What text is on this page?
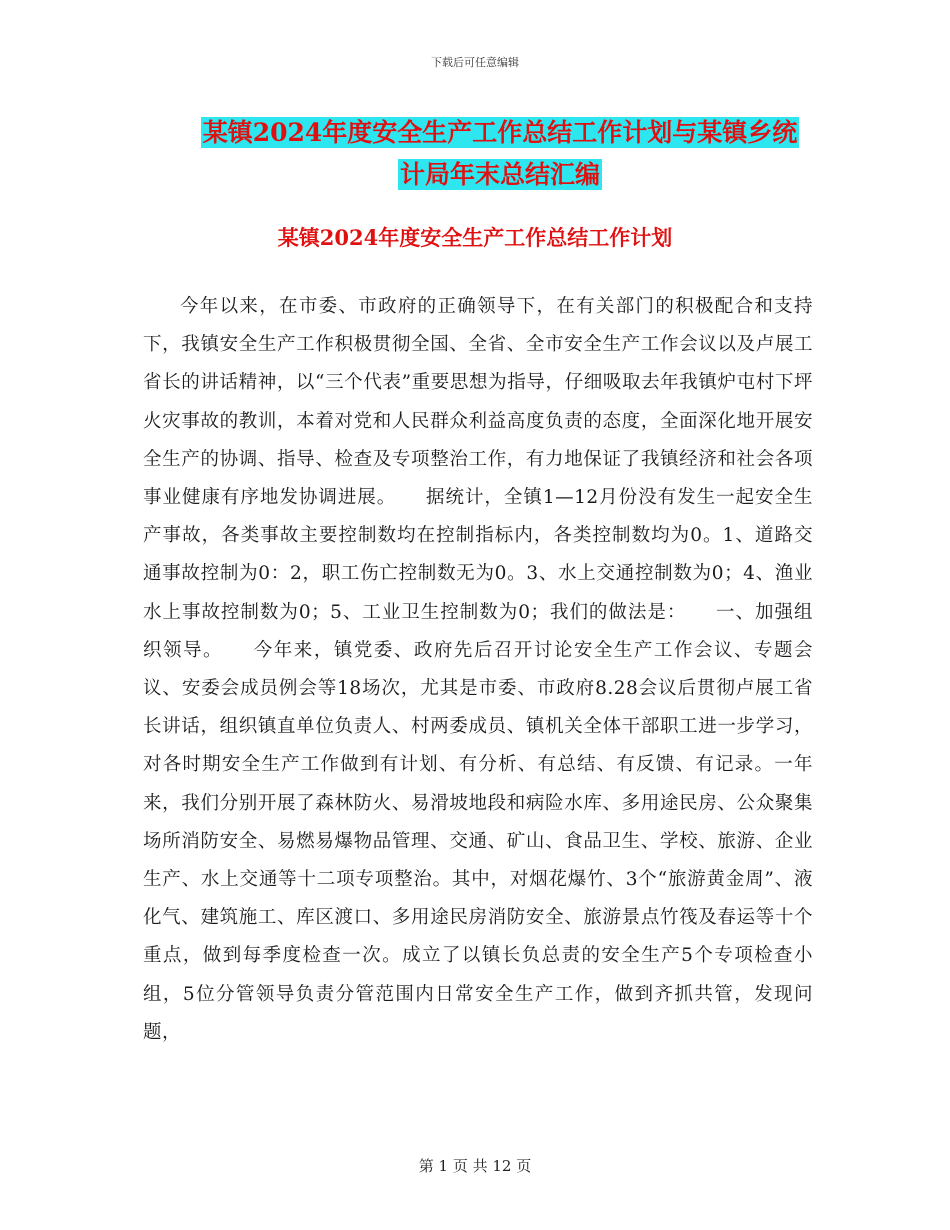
下载后可任意编辑
某镇2024年度安全生产工作总结工作计划与某镇乡统
计局年末总结汇编
某镇2024年度安全生产工作总结工作计划

今年以来，在市委、市政府的正确领导下，在有关部门的积极配合和支持下，我镇安全生产工作积极贯彻全国、全省、全市安全生产工作会议以及卢展工省长的讲话精神，以“三个代表”重要思想为指导，仔细吸取去年我镇炉屯村下坪火灾事故的教训，本着对党和人民群众利益高度负责的态度，全面深化地开展安全生产的协调、指导、检查及专项整治工作，有力地保证了我镇经济和社会各项事业健康有序地发协调进展。　　据统计，全镇1—12月份没有发生一起安全生产事故，各类事故主要控制数均在控制指标内，各类控制数均为0。1、道路交通事故控制为0：2，职工伤亡控制数无为0。3、水上交通控制数为0；4、渔业水上事故控制数为0；5、工业卫生控制数为0；我们的做法是：　　一、加强组织领导。　　今年来，镇党委、政府先后召开讨论安全生产工作会议、专题会议、安委会成员例会等18场次，尤其是市委、市政府8.28会议后贯彻卢展工省长讲话，组织镇直单位负责人、村两委成员、镇机关全体干部职工进一步学习，对各时期安全生产工作做到有计划、有分析、有总结、有反馈、有记录。一年来，我们分别开展了森林防火、易滑坡地段和病险水库、多用途民房、公众聚集场所消防安全、易燃易爆物品管理、交通、矿山、食品卫生、学校、旅游、企业生产、水上交通等十二项专项整治。其中，对烟花爆竹、3个“旅游黄金周”、液化气、建筑施工、库区渡口、多用途民房消防安全、旅游景点竹筏及春运等十个重点，做到每季度检查一次。成立了以镇长负总责的安全生产5个专项检查小组，5位分管领导负责分管范围内日常安全生产工作，做到齐抓共管，发现问题，

第 1 页 共 12 页
